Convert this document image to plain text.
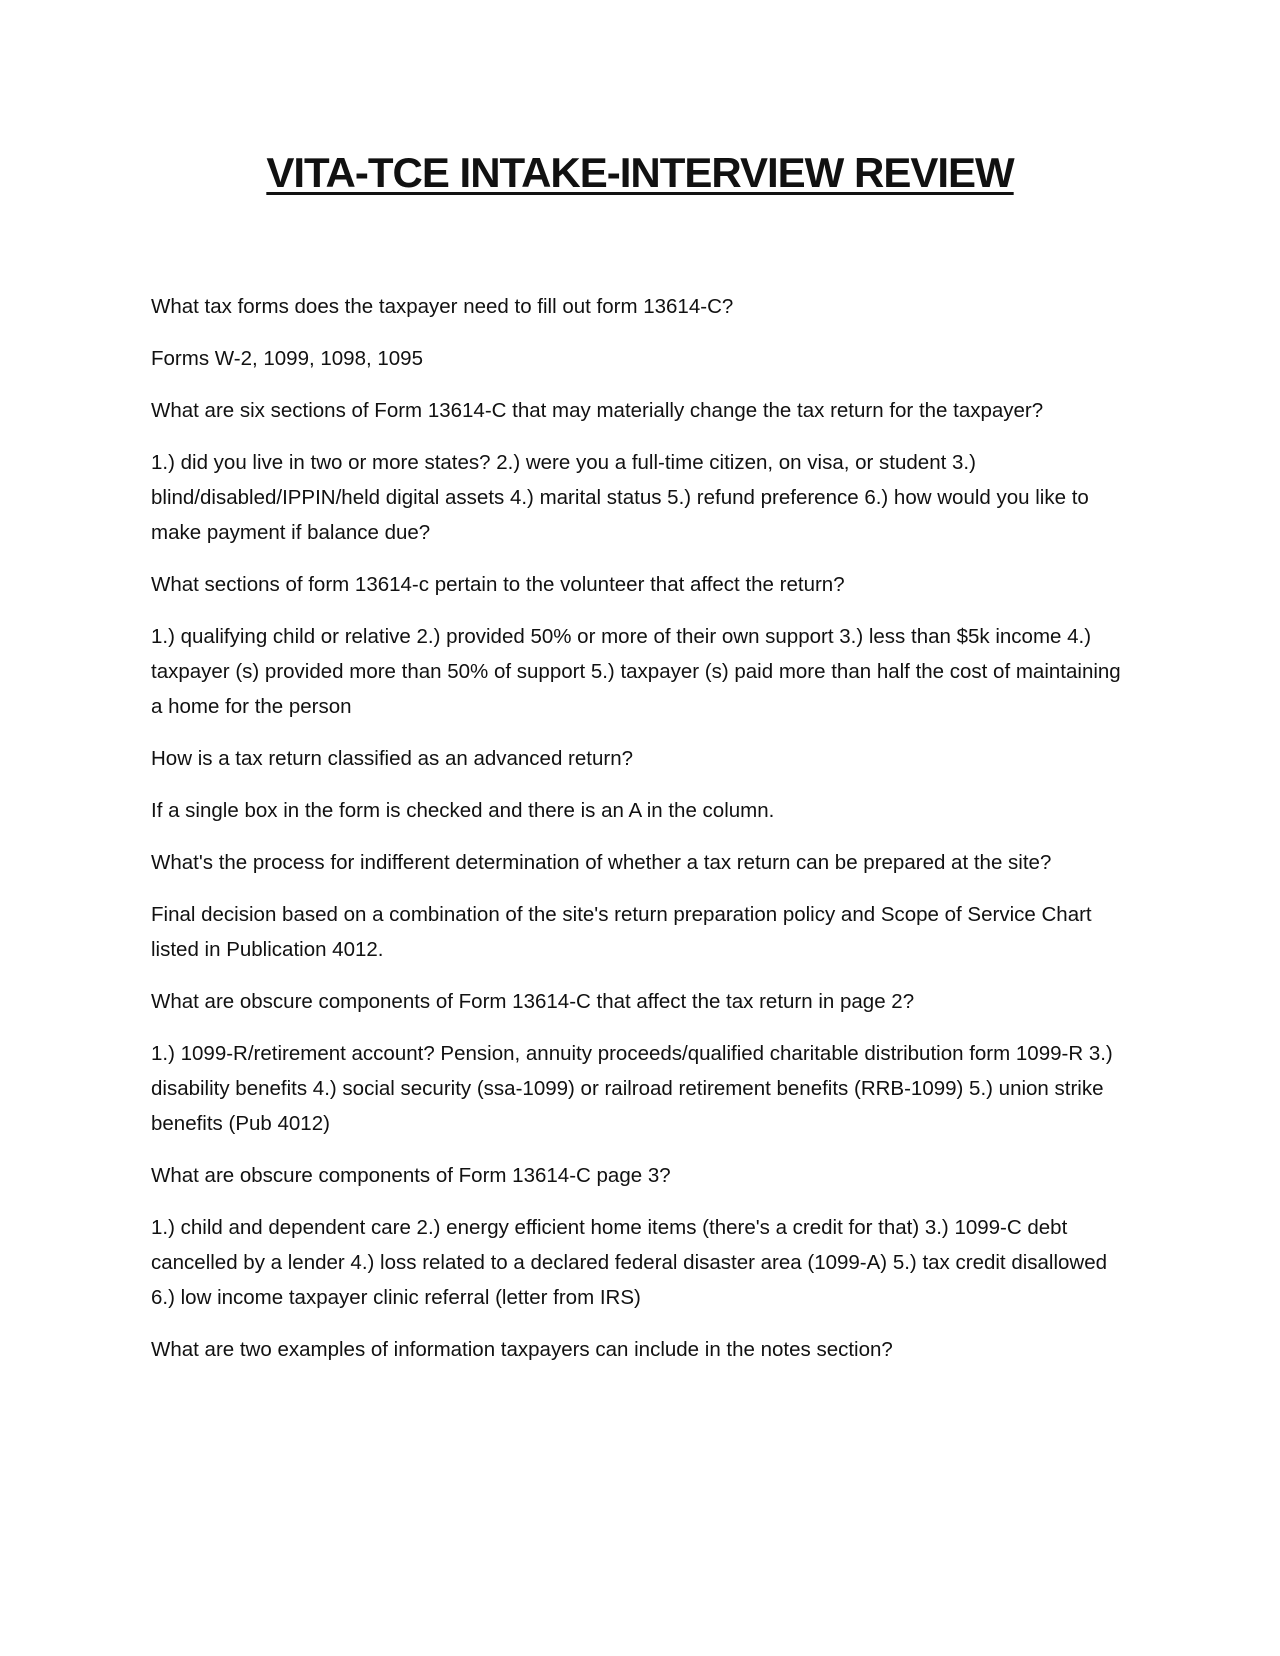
VITA-TCE INTAKE-INTERVIEW REVIEW

What tax forms does the taxpayer need to fill out form 13614-C?

Forms W-2, 1099, 1098, 1095

What are six sections of Form 13614-C that may materially change the tax return for the taxpayer?

1.) did you live in two or more states? 2.) were you a full-time citizen, on visa, or student 3.) blind/disabled/IPPIN/held digital assets 4.) marital status 5.) refund preference 6.) how would you like to make payment if balance due?

What sections of form 13614-c pertain to the volunteer that affect the return?

1.) qualifying child or relative 2.) provided 50% or more of their own support 3.) less than $5k income 4.) taxpayer (s) provided more than 50% of support 5.) taxpayer (s) paid more than half the cost of maintaining a home for the person

How is a tax return classified as an advanced return?

If a single box in the form is checked and there is an A in the column.

What's the process for indifferent determination of whether a tax return can be prepared at the site?

Final decision based on a combination of the site's return preparation policy and Scope of Service Chart listed in Publication 4012.

What are obscure components of Form 13614-C that affect the tax return in page 2?

1.) 1099-R/retirement account? Pension, annuity proceeds/qualified charitable distribution form 1099-R 3.) disability benefits 4.) social security (ssa-1099) or railroad retirement benefits (RRB-1099) 5.) union strike benefits (Pub 4012)

What are obscure components of Form 13614-C page 3?

1.) child and dependent care 2.) energy efficient home items (there's a credit for that) 3.) 1099-C debt cancelled by a lender 4.) loss related to a declared federal disaster area (1099-A) 5.) tax credit disallowed 6.) low income taxpayer clinic referral (letter from IRS)

What are two examples of information taxpayers can include in the notes section?
